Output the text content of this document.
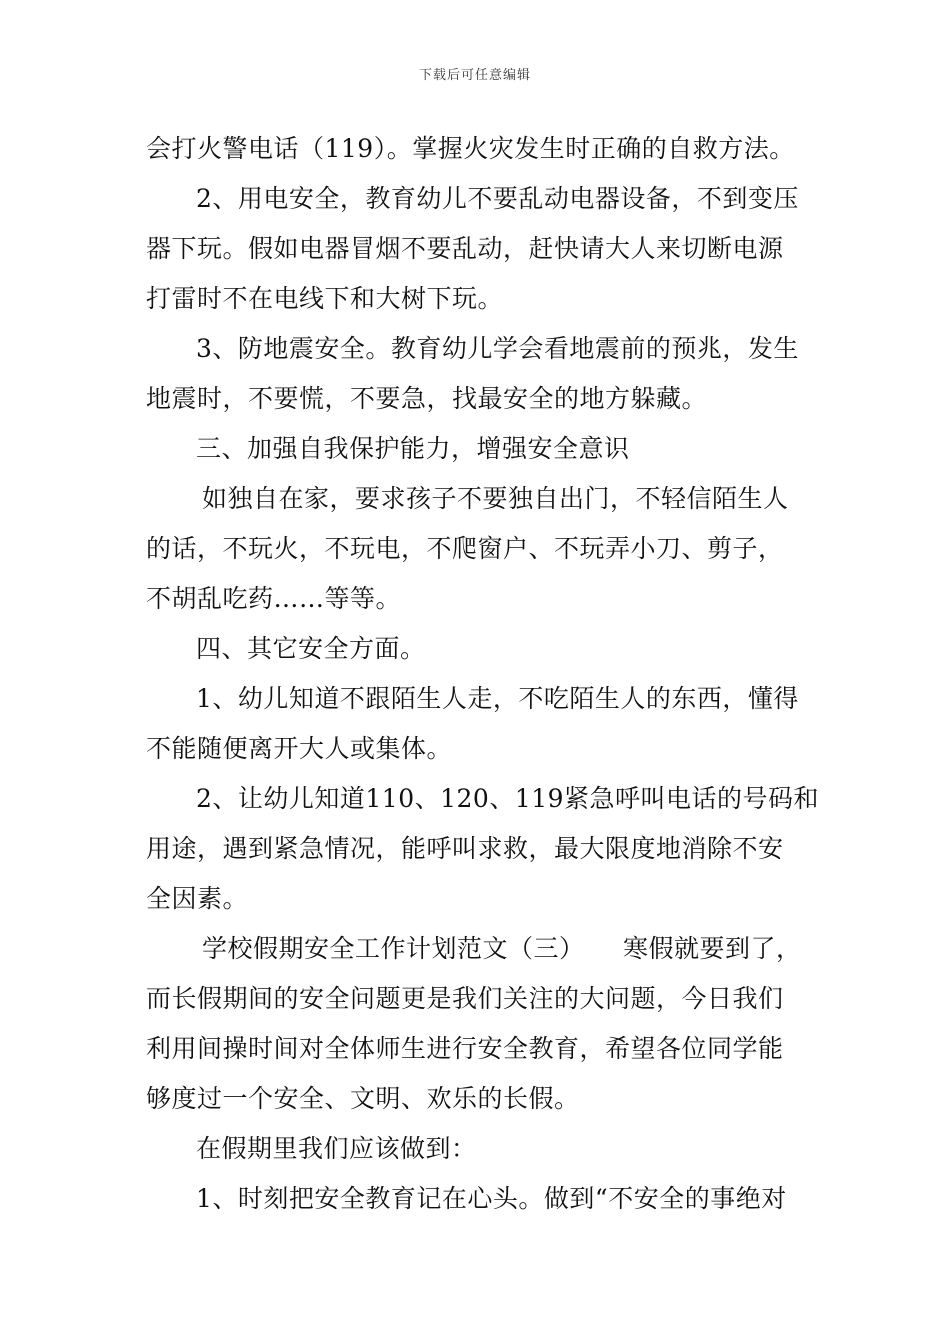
下载后可任意编辑
会打火警电话（119）。掌握火灾发生时正确的自救方法。
2、用电安全，教育幼儿不要乱动电器设备，不到变压
器下玩。假如电器冒烟不要乱动，赶快请大人来切断电源
打雷时不在电线下和大树下玩。
3、防地震安全。教育幼儿学会看地震前的预兆，发生
地震时，不要慌，不要急，找最安全的地方躲藏。
三、加强自我保护能力，增强安全意识
如独自在家，要求孩子不要独自出门，不轻信陌生人
的话，不玩火，不玩电，不爬窗户、不玩弄小刀、剪子，
不胡乱吃药……等等。
四、其它安全方面。
1、幼儿知道不跟陌生人走，不吃陌生人的东西，懂得
不能随便离开大人或集体。
2、让幼儿知道110、120、119紧急呼叫电话的号码和
用途，遇到紧急情况，能呼叫求救，最大限度地消除不安
全因素。
学校假期安全工作计划范文（三）　　寒假就要到了，
而长假期间的安全问题更是我们关注的大问题，今日我们
利用间操时间对全体师生进行安全教育，希望各位同学能
够度过一个安全、文明、欢乐的长假。
在假期里我们应该做到：
1、时刻把安全教育记在心头。做到“不安全的事绝对
